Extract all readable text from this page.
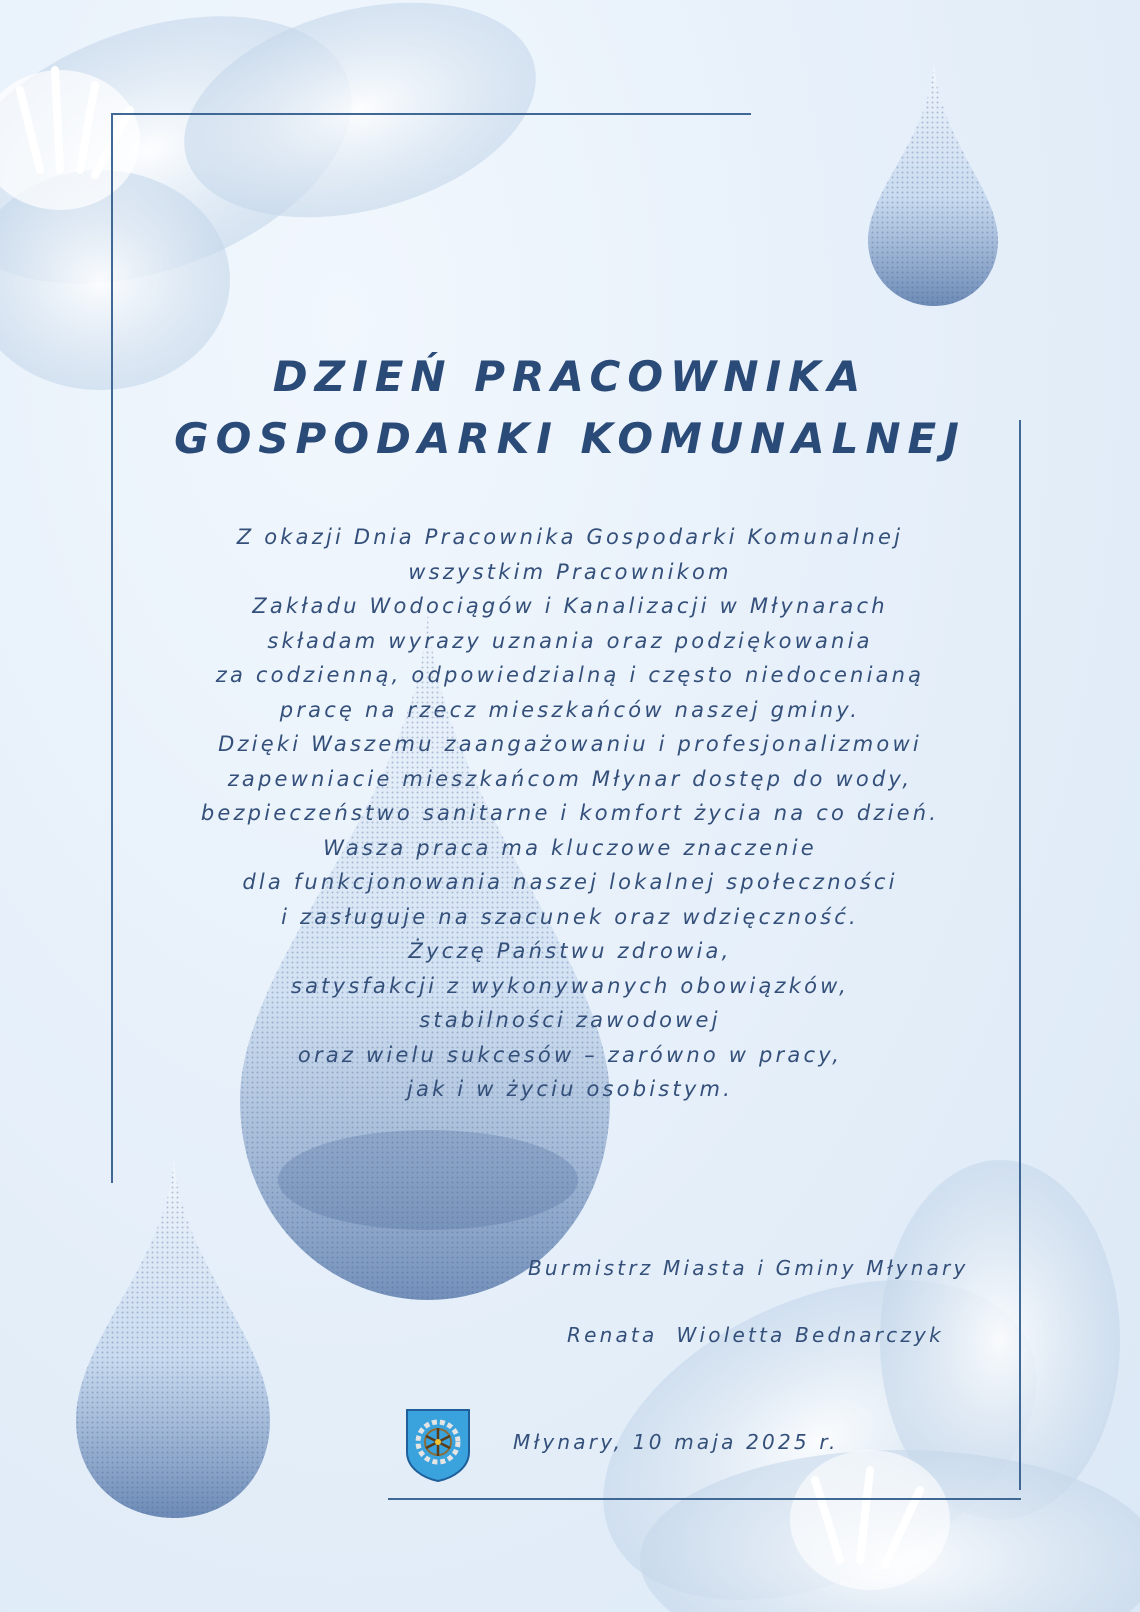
DZIEŃ PRACOWNIKA
GOSPODARKI KOMUNALNEJ
Z okazji Dnia Pracownika Gospodarki Komunalnej
wszystkim Pracownikom
Zakładu Wodociągów i Kanalizacji w Młynarach
składam wyrazy uznania oraz podziękowania
za codzienną, odpowiedzialną i często niedocenianą
pracę na rzecz mieszkańców naszej gminy.
Dzięki Waszemu zaangażowaniu i profesjonalizmowi
zapewniacie mieszkańcom Młynar dostęp do wody,
bezpieczeństwo sanitarne i komfort życia na co dzień.
Wasza praca ma kluczowe znaczenie
dla funkcjonowania naszej lokalnej społeczności
i zasługuje na szacunek oraz wdzięczność.
Życzę Państwu zdrowia,
satysfakcji z wykonywanych obowiązków,
stabilności zawodowej
oraz wielu sukcesów – zarówno w pracy,
jak i w życiu osobistym.
Burmistrz Miasta i Gminy Młynary
Renata  Wioletta Bednarczyk
Młynary, 10 maja 2025 r.
